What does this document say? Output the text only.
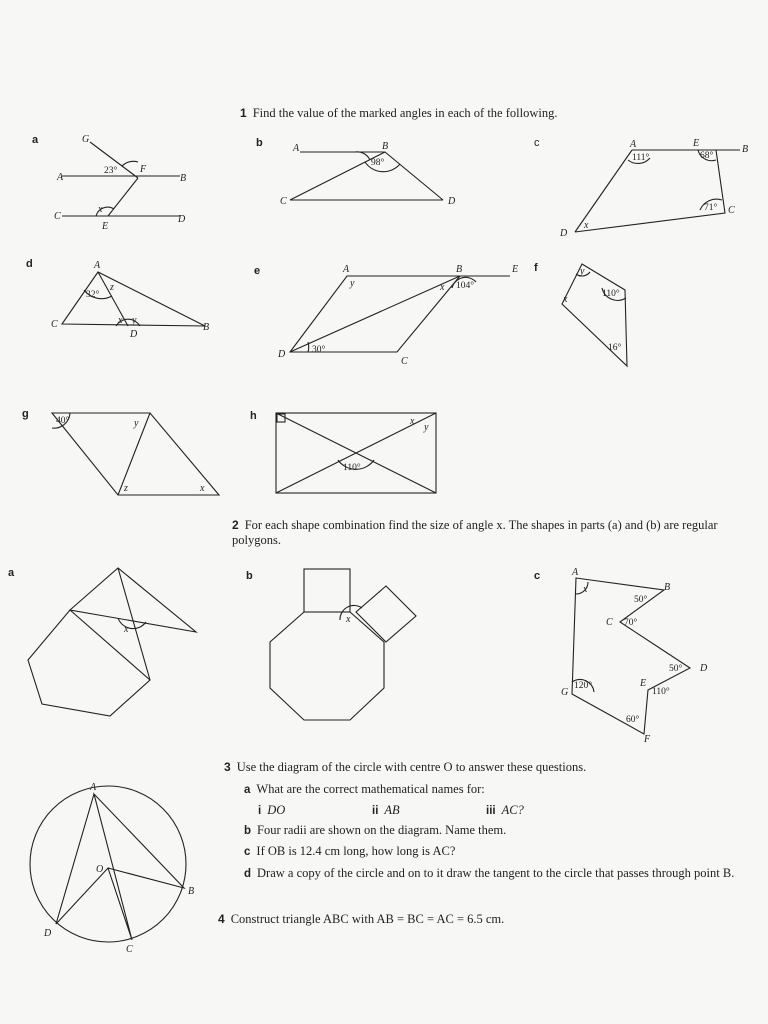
1 Find the value of the marked angles in each of the following.
2 For each shape combination find the size of angle x. The shapes in parts (a) and (b) are regular polygons.
3 Use the diagram of the circle with centre O to answer these questions.
a What are the correct mathematical names for:
i DO	ii AB	iii AC?
b Four radii are shown on the diagram. Name them.
c If OB is 12.4 cm long, how long is AC?
d Draw a copy of the circle and on to it draw the tangent to the circle that passes through point B.
4 Construct triangle ABC with AB = BC = AC = 6.5 cm.
a	b	c
d
e	f
g	h
a	b	c
G
F
A	B
C	D
E
x
23°
A	B
C	D
98°
A	E
B
C
D
x
111°	68°
71°
A
C	B
D
z
x y
32°
A	B	E
D
C
y	x 104°
30°
y
x	110°
16°
y
z	x
40°	x
y
110°
x
x
A
B
C
D
E
F
G
x
50°
70°
50°
110°
120°
60°
A
O
B
D
C
